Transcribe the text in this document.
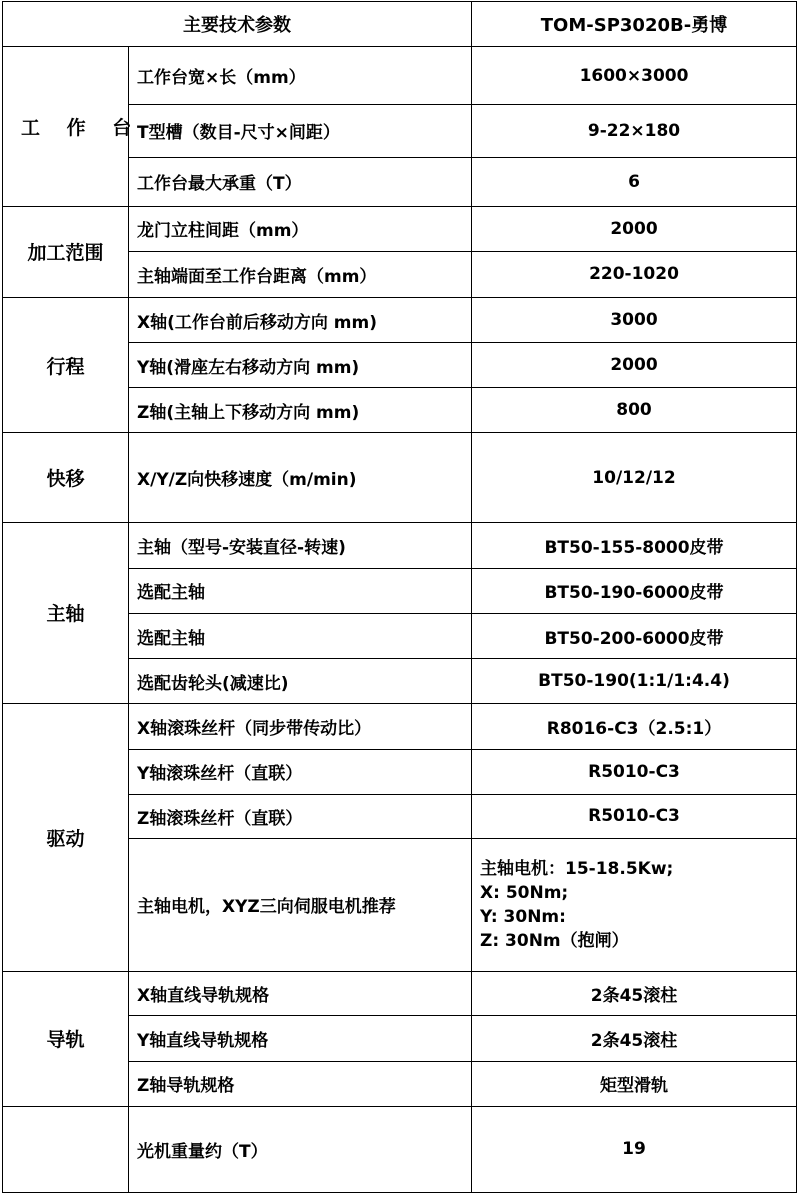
主要技术参数		TOM-SP3020B-勇博
工 作 台	工作台宽×长（mm）	1600×3000
	T型槽（数目-尺寸×间距）	9-22×180
	工作台最大承重（T）	6
加工范围	龙门立柱间距（mm）	2000
	主轴端面至工作台距离（mm）	220-1020
行程	X轴(工作台前后移动方向 mm)	3000
	Y轴(滑座左右移动方向 mm)	2000
	Z轴(主轴上下移动方向 mm)	800
快移	X/Y/Z向快移速度（m/min)	10/12/12
主轴	主轴（型号-安装直径-转速)	BT50-155-8000皮带
	选配主轴	BT50-190-6000皮带
	选配主轴	BT50-200-6000皮带
	选配齿轮头(减速比)	BT50-190(1:1/1:4.4)
驱动	X轴滚珠丝杆（同步带传动比）	R8016-C3（2.5:1）
	Y轴滚珠丝杆（直联）	R5010-C3
	Z轴滚珠丝杆（直联）	R5010-C3
	主轴电机，XYZ三向伺服电机推荐	主轴电机：15-18.5Kw;
X: 50Nm;
Y: 30Nm:
Z: 30Nm（抱闸）

导轨	X轴直线导轨规格	2条45滚柱
	Y轴直线导轨规格	2条45滚柱
	Z轴导轨规格	矩型滑轨
	光机重量约（T）	19
